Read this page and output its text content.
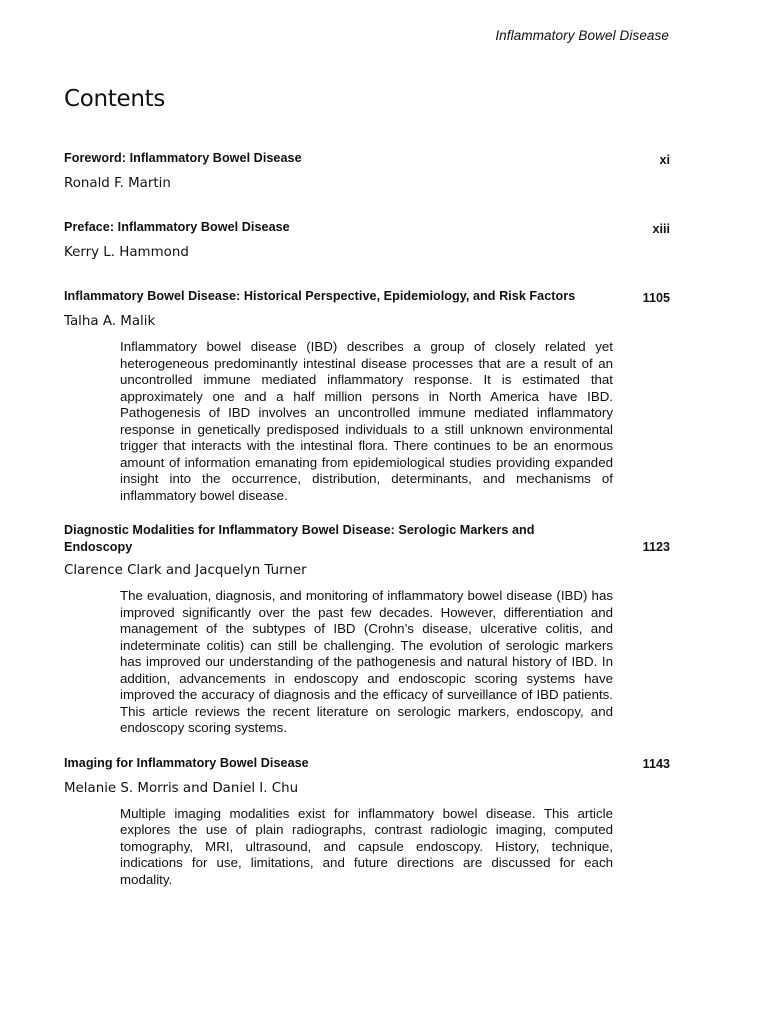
Inflammatory Bowel Disease
Contents
Foreword: Inflammatory Bowel Disease	xi
Ronald F. Martin
Preface: Inflammatory Bowel Disease	xiii
Kerry L. Hammond
Inflammatory Bowel Disease: Historical Perspective, Epidemiology, and Risk Factors	1105
Talha A. Malik
Inflammatory bowel disease (IBD) describes a group of closely related yet heterogeneous predominantly intestinal disease processes that are a result of an uncontrolled immune mediated inflammatory response. It is estimated that approximately one and a half million persons in North America have IBD. Pathogenesis of IBD involves an uncontrolled immune mediated inflammatory response in genetically predisposed individuals to a still unknown environmental trigger that interacts with the intestinal flora. There continues to be an enormous amount of information emanating from epidemiological studies providing expanded insight into the occurrence, distribution, determinants, and mechanisms of inflammatory bowel disease.
Diagnostic Modalities for Inflammatory Bowel Disease: Serologic Markers and Endoscopy	1123
Clarence Clark and Jacquelyn Turner
The evaluation, diagnosis, and monitoring of inflammatory bowel disease (IBD) has improved significantly over the past few decades. However, differentiation and management of the subtypes of IBD (Crohn’s disease, ulcerative colitis, and indeterminate colitis) can still be challenging. The evolution of serologic markers has improved our understanding of the pathogenesis and natural history of IBD. In addition, advancements in endoscopy and endoscopic scoring systems have improved the accuracy of diagnosis and the efficacy of surveillance of IBD patients. This article reviews the recent literature on serologic markers, endoscopy, and endoscopy scoring systems.
Imaging for Inflammatory Bowel Disease	1143
Melanie S. Morris and Daniel I. Chu
Multiple imaging modalities exist for inflammatory bowel disease. This article explores the use of plain radiographs, contrast radiologic imaging, computed tomography, MRI, ultrasound, and capsule endoscopy. History, technique, indications for use, limitations, and future directions are discussed for each modality.
